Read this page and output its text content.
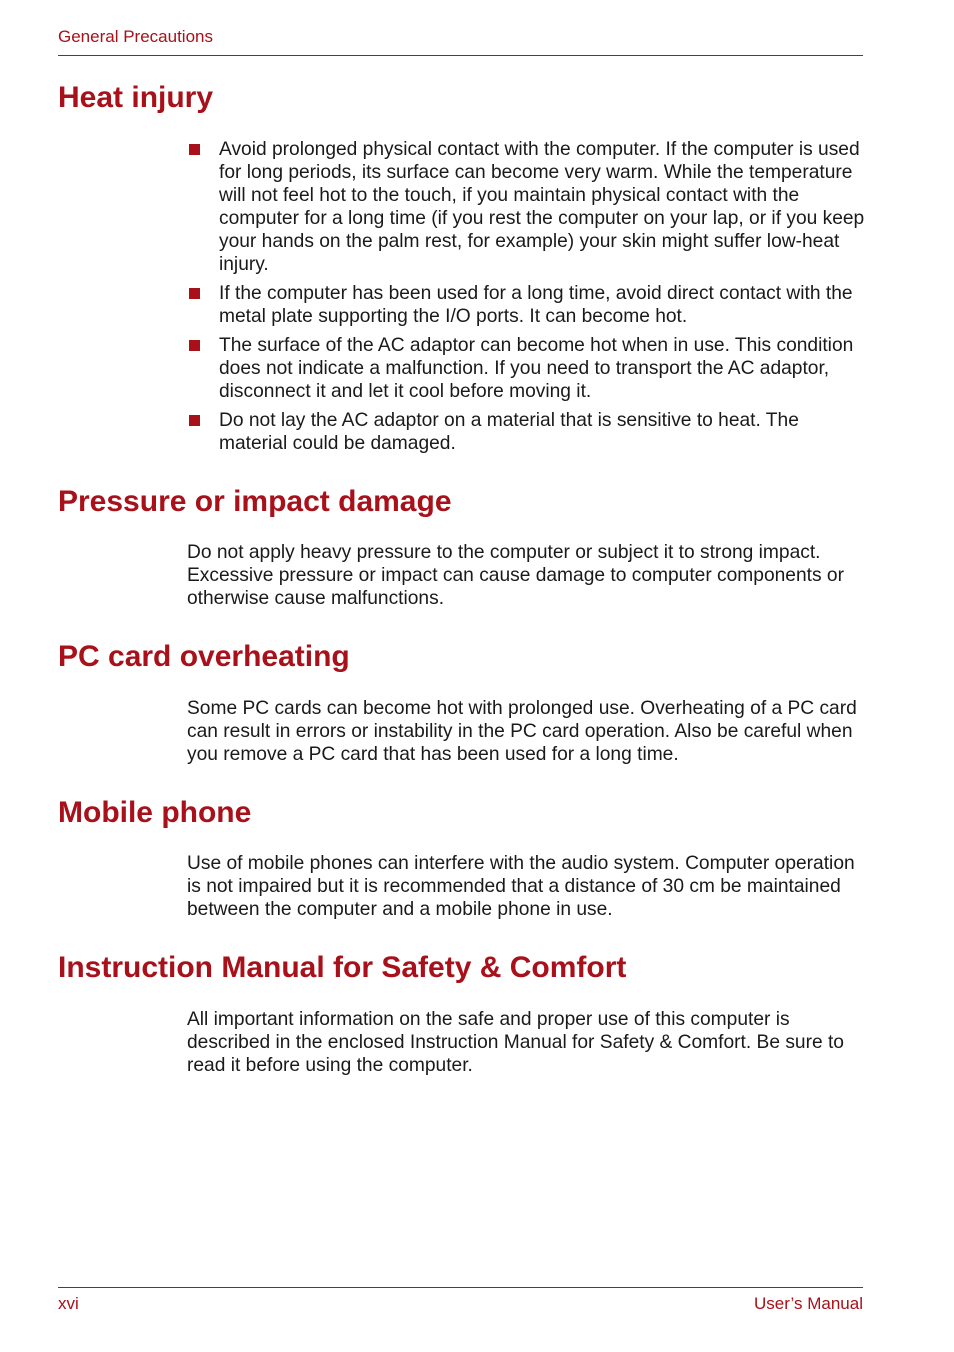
General Precautions
Heat injury
Avoid prolonged physical contact with the computer. If the computer is used for long periods, its surface can become very warm. While the temperature will not feel hot to the touch, if you maintain physical contact with the computer for a long time (if you rest the computer on your lap, or if you keep your hands on the palm rest, for example) your skin might suffer low-heat injury.
If the computer has been used for a long time, avoid direct contact with the metal plate supporting the I/O ports. It can become hot.
The surface of the AC adaptor can become hot when in use. This condition does not indicate a malfunction. If you need to transport the AC adaptor, disconnect it and let it cool before moving it.
Do not lay the AC adaptor on a material that is sensitive to heat. The material could be damaged.
Pressure or impact damage

Do not apply heavy pressure to the computer or subject it to strong impact. Excessive pressure or impact can cause damage to computer components or otherwise cause malfunctions.

PC card overheating

Some PC cards can become hot with prolonged use. Overheating of a PC card can result in errors or instability in the PC card operation. Also be careful when you remove a PC card that has been used for a long time.

Mobile phone

Use of mobile phones can interfere with the audio system. Computer operation is not impaired but it is recommended that a distance of 30 cm be maintained between the computer and a mobile phone in use.

Instruction Manual for Safety & Comfort

All important information on the safe and proper use of this computer is described in the enclosed Instruction Manual for Safety & Comfort. Be sure to read it before using the computer.

xvi	User’s Manual
